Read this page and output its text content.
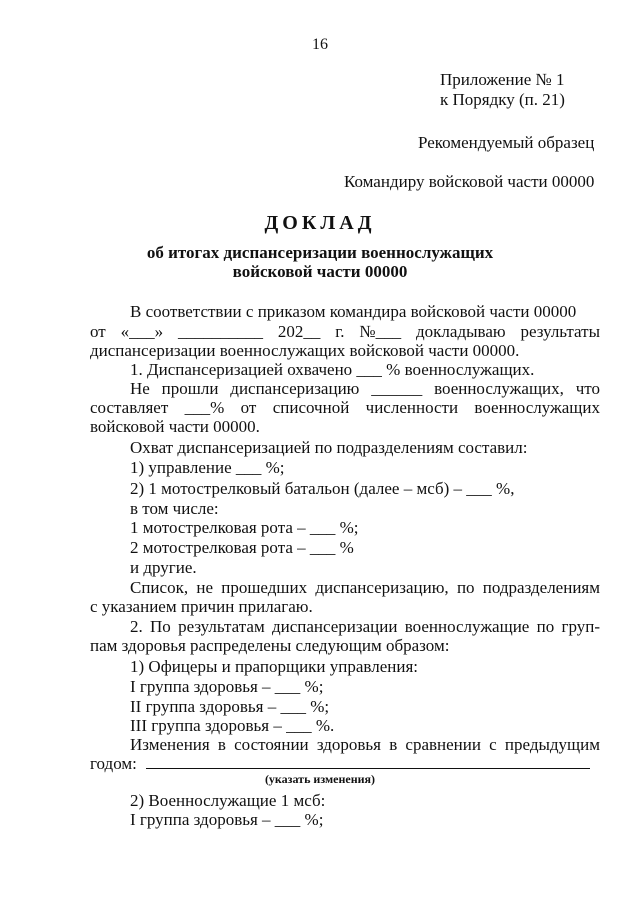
16
Приложение № 1
к Порядку (п. 21)
Рекомендуемый образец
Командиру войсковой части 00000
ДОКЛАД
об итогах диспансеризации военнослужащих
войсковой части 00000
В соответствии с приказом командира войсковой части 00000
от «___» __________ 202__ г. №___ докладываю результаты
диспансеризации военнослужащих войсковой части 00000.
1. Диспансеризацией охвачено ___ % военнослужащих.
Не прошли диспансеризацию ______ военнослужащих, что
составляет ___% от списочной численности военнослужащих
войсковой части 00000.
Охват диспансеризацией по подразделениям составил:
1) управление ___ %;
2) 1 мотострелковый батальон (далее – мсб) – ___ %,
в том числе:
1 мотострелковая рота – ___ %;
2 мотострелковая рота – ___ %
и другие.
Список, не прошедших диспансеризацию, по подразделениям
с указанием причин прилагаю.
2. По результатам диспансеризации военнослужащие по груп-
пам здоровья распределены следующим образом:
1) Офицеры и прапорщики управления:
I группа здоровья – ___ %;
II группа здоровья – ___ %;
III группа здоровья – ___ %.
Изменения в состоянии здоровья в сравнении с предыдущим
годом:
(указать изменения)
2) Военнослужащие 1 мсб:
I группа здоровья – ___ %;
